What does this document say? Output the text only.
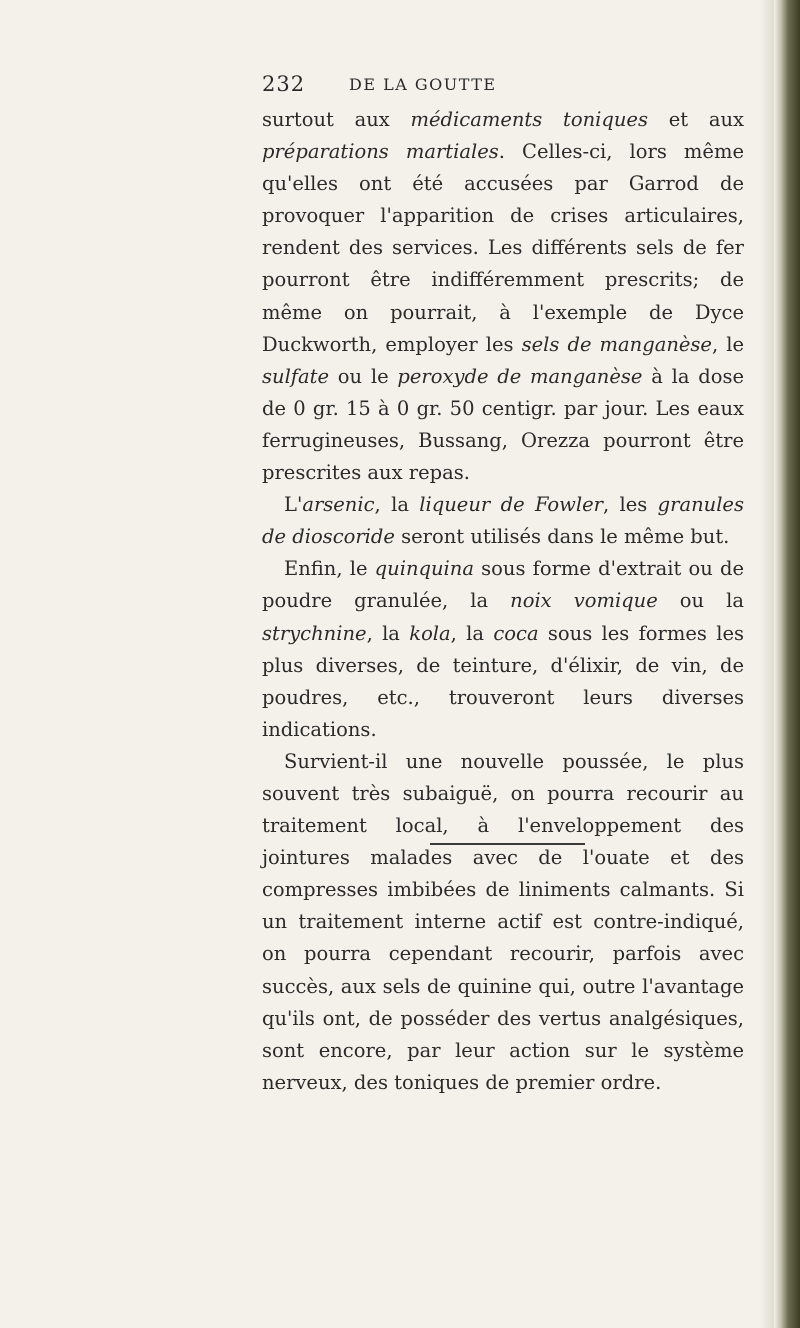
232	DE LA GOUTTE

surtout aux médicaments toniques et aux préparations martiales. Celles-ci, lors même qu'elles ont été accusées par Garrod de provoquer l'apparition de crises articulaires, rendent des services. Les différents sels de fer pourront être indifféremment prescrits; de même on pourrait, à l'exemple de Dyce Duckworth, employer les sels de manganèse, le sulfate ou le peroxyde de manganèse à la dose de 0 gr. 15 à 0 gr. 50 centigr. par jour. Les eaux ferrugineuses, Bussang, Orezza pourront être prescrites aux repas.

L'arsenic, la liqueur de Fowler, les granules de dioscoride seront utilisés dans le même but.

Enfin, le quinquina sous forme d'extrait ou de poudre granulée, la noix vomique ou la strychnine, la kola, la coca sous les formes les plus diverses, de teinture, d'élixir, de vin, de poudres, etc., trouveront leurs diverses indications.

Survient-il une nouvelle poussée, le plus souvent très subaiguë, on pourra recourir au traitement local, à l'enveloppement des jointures malades avec de l'ouate et des compresses imbibées de liniments calmants. Si un traitement interne actif est contre-indiqué, on pourra cependant recourir, parfois avec succès, aux sels de quinine qui, outre l'avantage qu'ils ont, de posséder des vertus analgésiques, sont encore, par leur action sur le système nerveux, des toniques de premier ordre.
